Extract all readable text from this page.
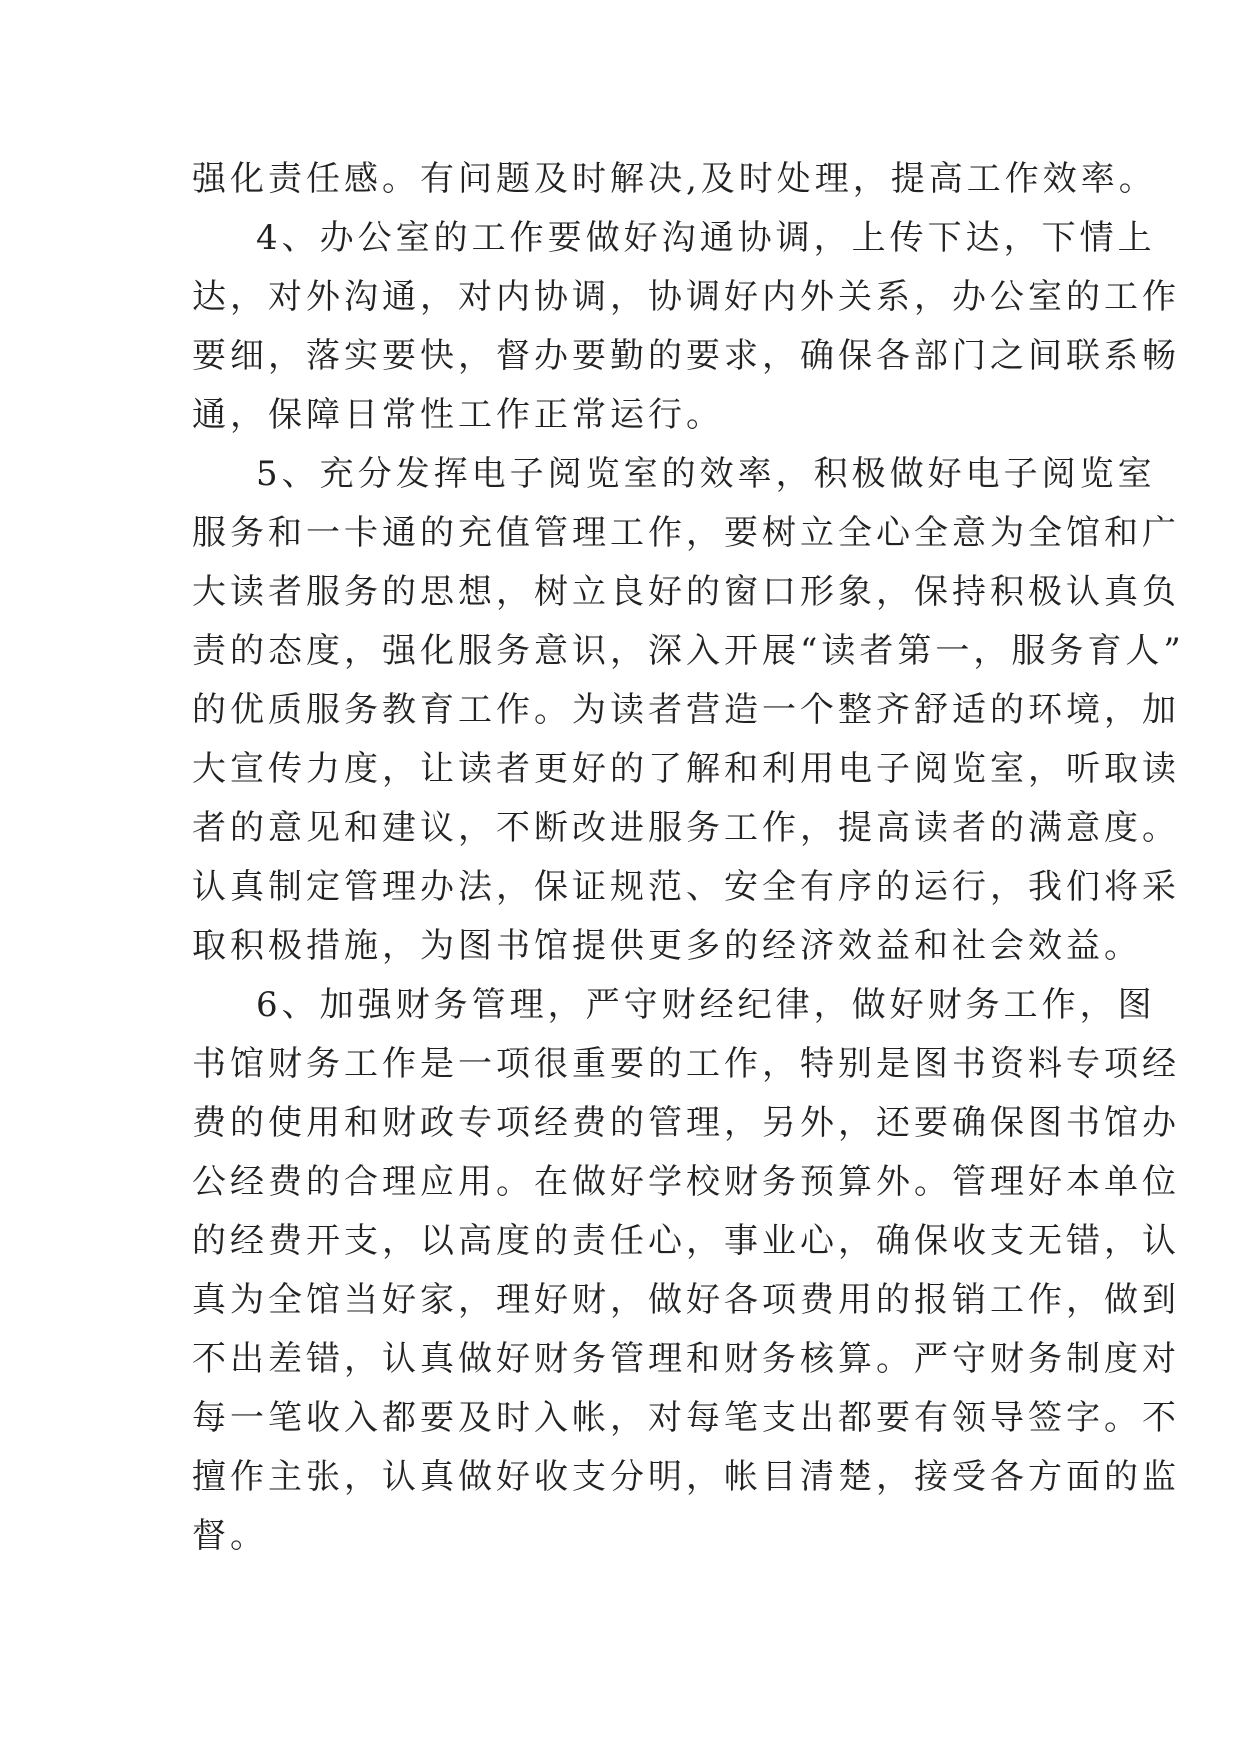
强化责任感。有问题及时解决,及时处理，提高工作效率。
4、办公室的工作要做好沟通协调，上传下达，下情上
达，对外沟通，对内协调，协调好内外关系，办公室的工作
要细，落实要快，督办要勤的要求，确保各部门之间联系畅
通，保障日常性工作正常运行。
5、充分发挥电子阅览室的效率，积极做好电子阅览室
服务和一卡通的充值管理工作，要树立全心全意为全馆和广
大读者服务的思想，树立良好的窗口形象，保持积极认真负
责的态度，强化服务意识，深入开展“读者第一，服务育人”
的优质服务教育工作。为读者营造一个整齐舒适的环境，加
大宣传力度，让读者更好的了解和利用电子阅览室，听取读
者的意见和建议，不断改进服务工作，提高读者的满意度。
认真制定管理办法，保证规范、安全有序的运行，我们将采
取积极措施，为图书馆提供更多的经济效益和社会效益。
6、加强财务管理，严守财经纪律，做好财务工作，图
书馆财务工作是一项很重要的工作，特别是图书资料专项经
费的使用和财政专项经费的管理，另外，还要确保图书馆办
公经费的合理应用。在做好学校财务预算外。管理好本单位
的经费开支，以高度的责任心，事业心，确保收支无错，认
真为全馆当好家，理好财，做好各项费用的报销工作，做到
不出差错，认真做好财务管理和财务核算。严守财务制度对
每一笔收入都要及时入帐，对每笔支出都要有领导签字。不
擅作主张，认真做好收支分明，帐目清楚，接受各方面的监
督。
